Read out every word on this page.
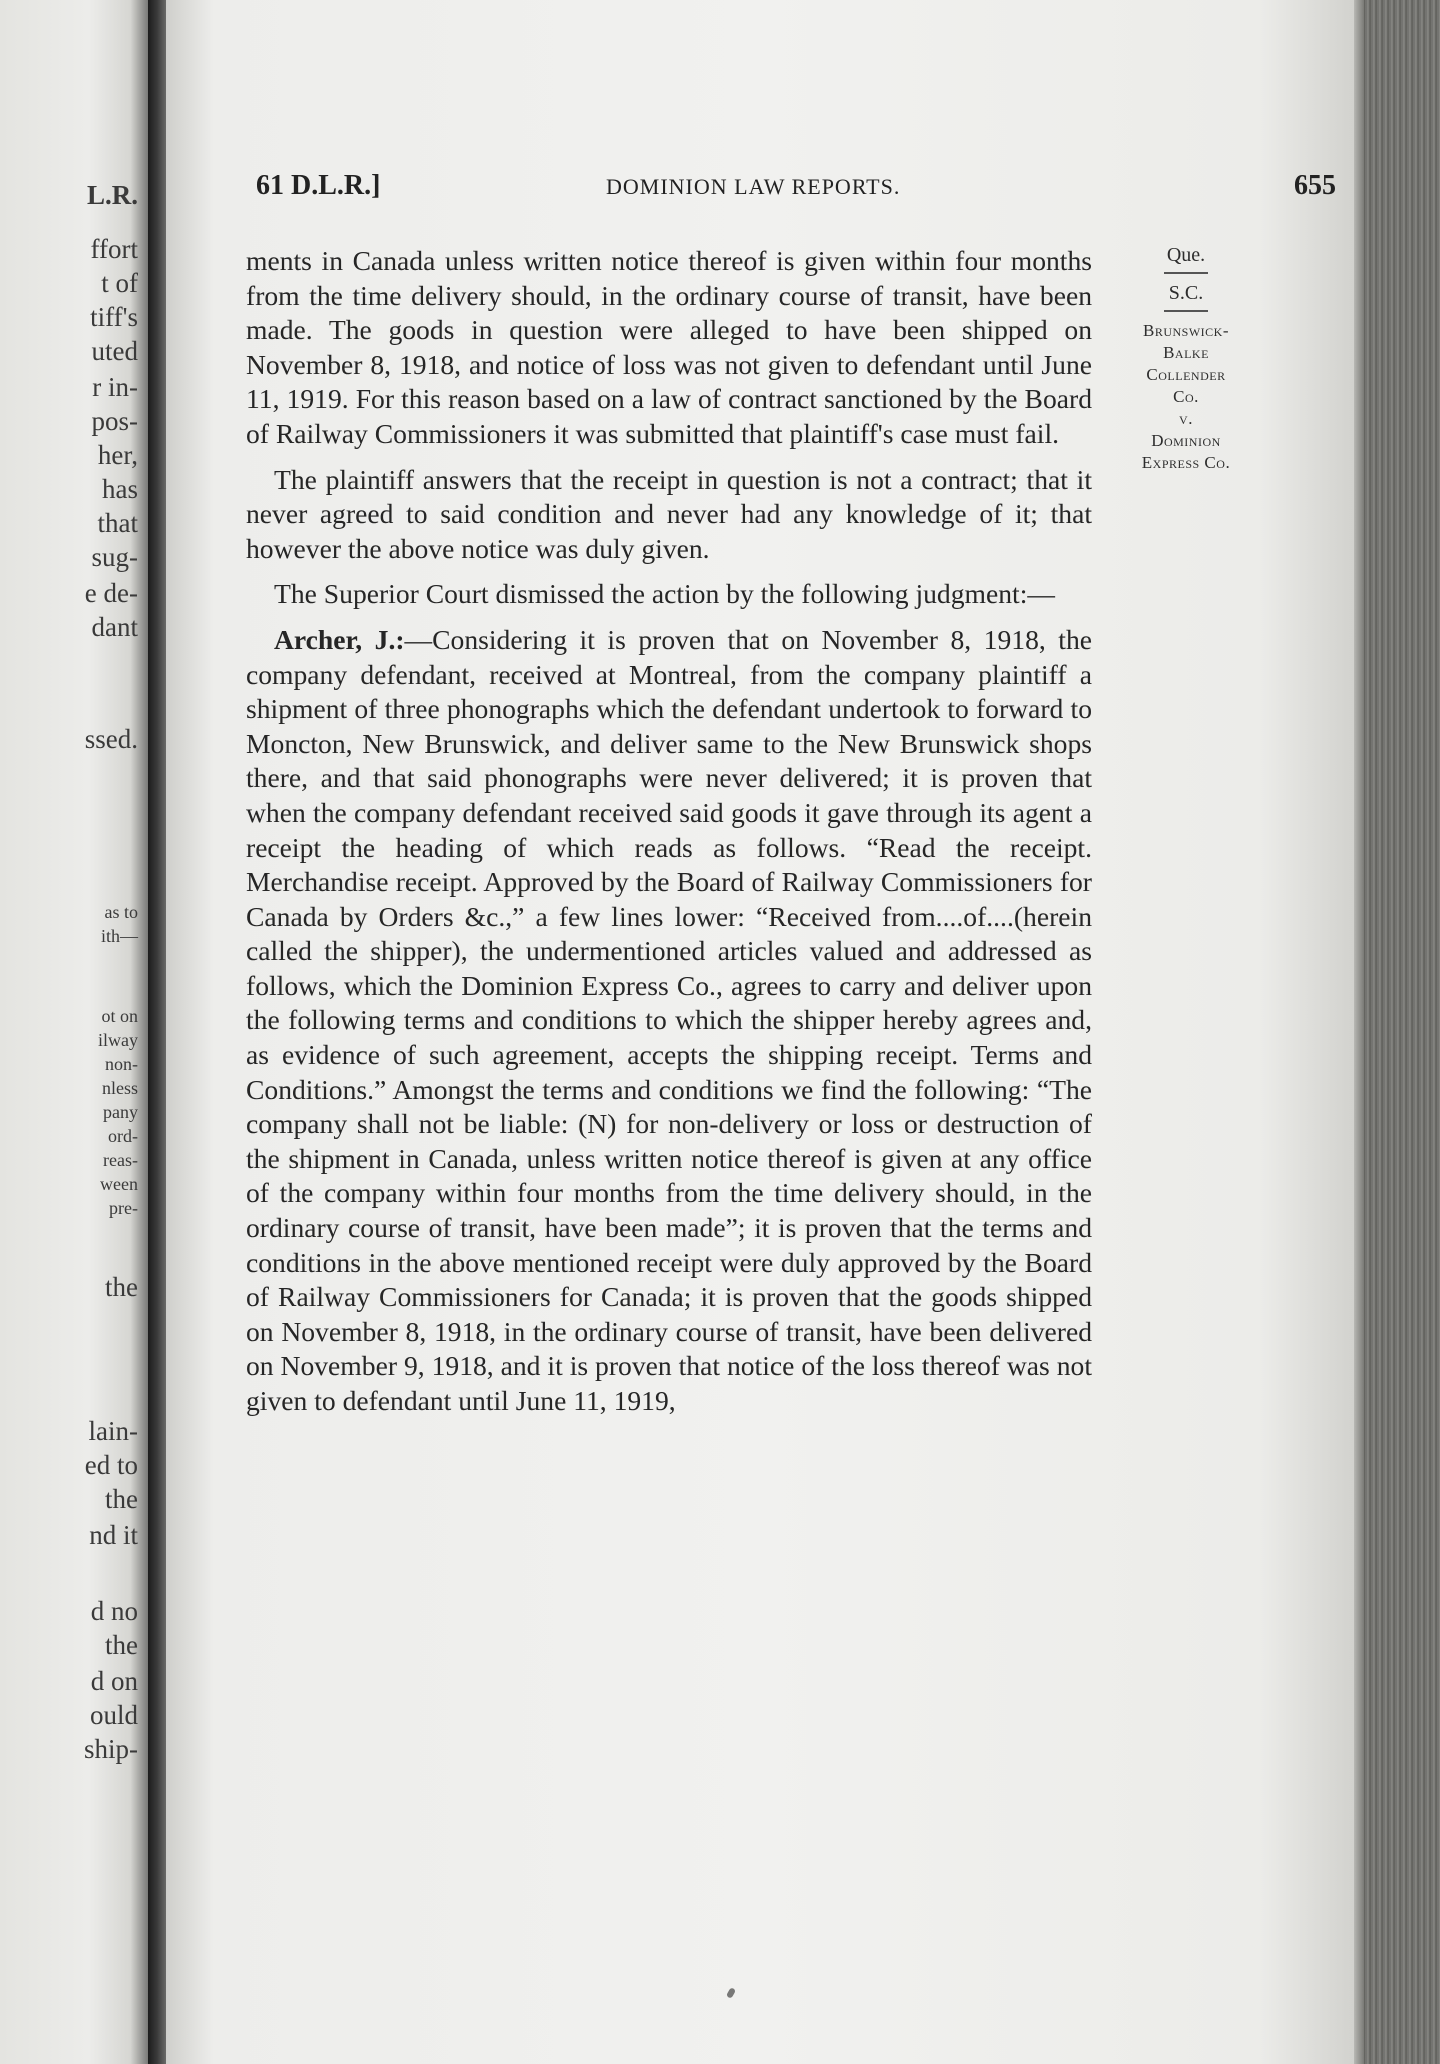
L.R.
ffort
t of
tiff's
uted
r in-
pos-
her,
has
that
sug-
e de-
dant
ssed.
as to
ith—
ot on
ilway
non-
nless
pany
ord-
reas-
ween
pre-
the
lain-
ed to
the
nd it
d no
the
d on
ould
ship-
61 D.L.R.]	DOMINION LAW REPORTS.	655

ments in Canada unless written notice thereof is given within four months from the time delivery should, in the ordinary course of transit, have been made. The goods in question were alleged to have been shipped on November 8, 1918, and notice of loss was not given to defendant until June 11, 1919. For this reason based on a law of contract sanctioned by the Board of Railway Commissioners it was submitted that plaintiff's case must fail.

The plaintiff answers that the receipt in question is not a contract; that it never agreed to said condition and never had any knowledge of it; that however the above notice was duly given.

The Superior Court dismissed the action by the following judgment:—

Archer, J.:—Considering it is proven that on November 8, 1918, the company defendant, received at Montreal, from the company plaintiff a shipment of three phonographs which the defendant undertook to forward to Moncton, New Brunswick, and deliver same to the New Brunswick shops there, and that said phonographs were never delivered; it is proven that when the company defendant received said goods it gave through its agent a receipt the heading of which reads as follows. “Read the receipt. Merchandise receipt. Approved by the Board of Railway Commissioners for Canada by Orders &c.,” a few lines lower: “Received from....of....(herein called the shipper), the undermentioned articles valued and addressed as follows, which the Dominion Express Co., agrees to carry and deliver upon the following terms and conditions to which the shipper hereby agrees and, as evidence of such agreement, accepts the shipping receipt. Terms and Conditions.” Amongst the terms and conditions we find the following: “The company shall not be liable: (N) for non-delivery or loss or destruction of the shipment in Canada, unless written notice thereof is given at any office of the company within four months from the time delivery should, in the ordinary course of transit, have been made”; it is proven that the terms and conditions in the above mentioned receipt were duly approved by the Board of Railway Commissioners for Canada; it is proven that the goods shipped on November 8, 1918, in the ordinary course of transit, have been delivered on November 9, 1918, and it is proven that notice of the loss thereof was not given to defendant until June 11, 1919,

Que.
S.C.
Brunswick-
Balke
Collender
Co.
v.
Dominion
Express Co.
